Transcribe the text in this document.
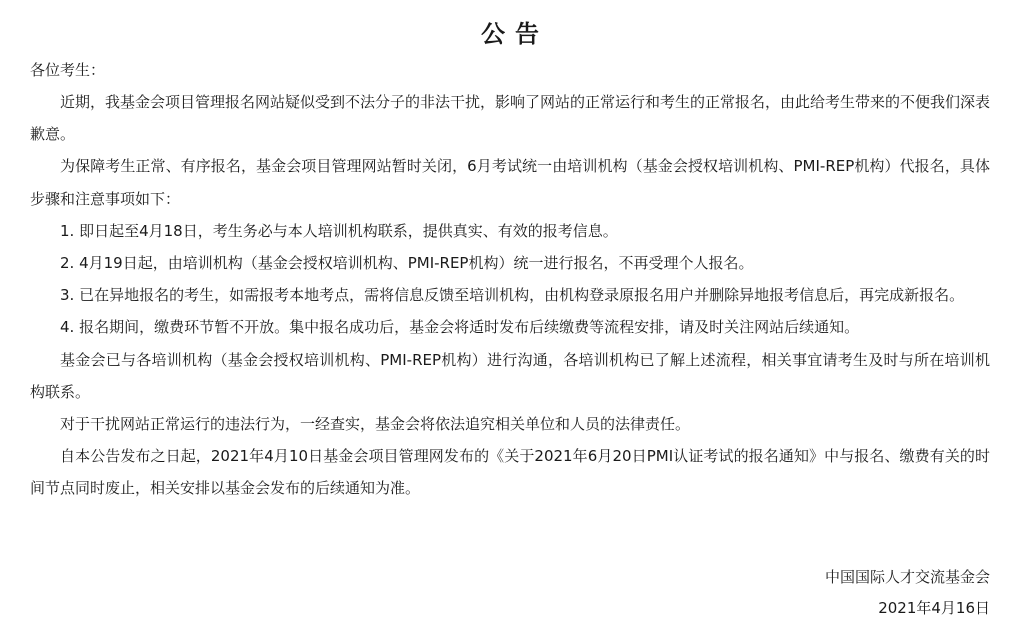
公告
各位考生：

近期，我基金会项目管理报名网站疑似受到不法分子的非法干扰，影响了网站的正常运行和考生的正常报名，由此给考生带来的不便我们深表歉意。

为保障考生正常、有序报名，基金会项目管理网站暂时关闭，6月考试统一由培训机构（基金会授权培训机构、PMI-REP机构）代报名，具体步骤和注意事项如下：

1. 即日起至4月18日，考生务必与本人培训机构联系，提供真实、有效的报考信息。

2. 4月19日起，由培训机构（基金会授权培训机构、PMI-REP机构）统一进行报名，不再受理个人报名。

3. 已在异地报名的考生，如需报考本地考点，需将信息反馈至培训机构，由机构登录原报名用户并删除异地报考信息后，再完成新报名。

4. 报名期间，缴费环节暂不开放。集中报名成功后，基金会将适时发布后续缴费等流程安排，请及时关注网站后续通知。

基金会已与各培训机构（基金会授权培训机构、PMI-REP机构）进行沟通，各培训机构已了解上述流程，相关事宜请考生及时与所在培训机构联系。

对于干扰网站正常运行的违法行为，一经查实，基金会将依法追究相关单位和人员的法律责任。

自本公告发布之日起，2021年4月10日基金会项目管理网发布的《关于2021年6月20日PMI认证考试的报名通知》中与报名、缴费有关的时间节点同时废止，相关安排以基金会发布的后续通知为准。

中国国际人才交流基金会
2021年4月16日
